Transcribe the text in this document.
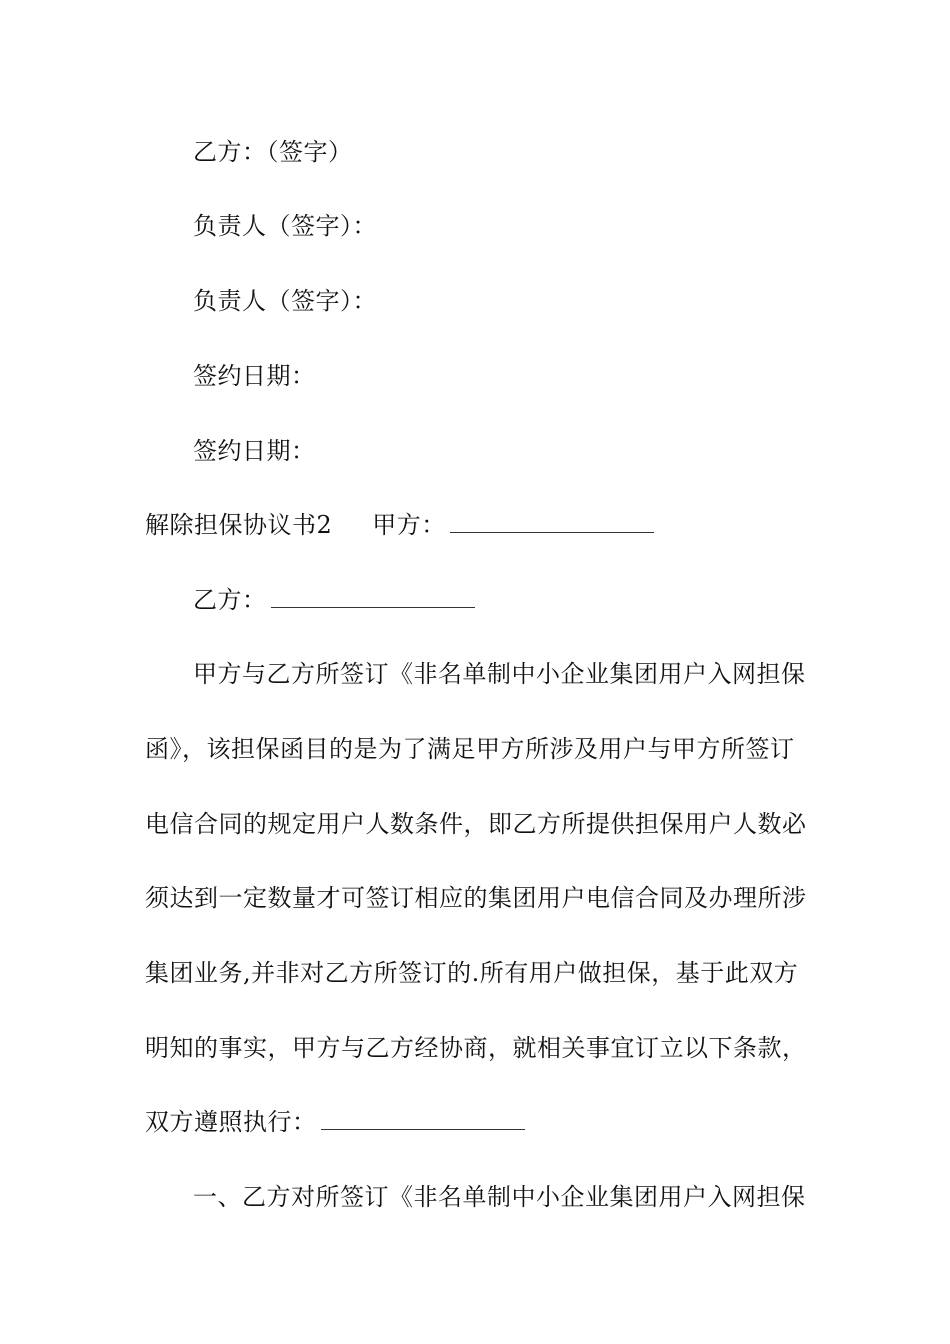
乙方：（签字）
负责人（签字）：
负责人（签字）：
签约日期：
签约日期：
解除担保协议书2 甲方：
乙方：
甲方与乙方所签订《非名单制中小企业集团用户入网担保
函》，该担保函目的是为了满足甲方所涉及用户与甲方所签订
电信合同的规定用户人数条件，即乙方所提供担保用户人数必
须达到一定数量才可签订相应的集团用户电信合同及办理所涉
集团业务,并非对乙方所签订的.所有用户做担保，基于此双方
明知的事实，甲方与乙方经协商，就相关事宜订立以下条款，
双方遵照执行：
一、乙方对所签订《非名单制中小企业集团用户入网担保
